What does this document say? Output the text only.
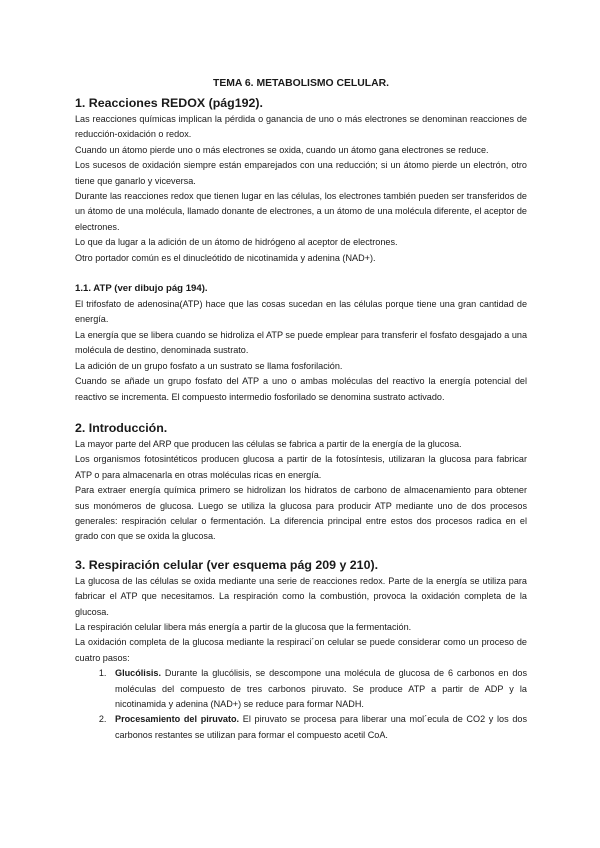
TEMA 6. METABOLISMO CELULAR.
1. Reacciones REDOX (pág192).

Las reacciones químicas implican la pérdida o ganancia de uno o más electrones se denominan reacciones de reducción-oxidación o redox.

Cuando un átomo pierde uno o más electrones se oxida, cuando un átomo gana electrones se reduce.

Los sucesos de oxidación siempre están emparejados con una reducción; si un átomo pierde un electrón, otro tiene que ganarlo y viceversa.

Durante las reacciones redox que tienen lugar en las células, los electrones también pueden ser transferidos de un átomo de una molécula, llamado donante de electrones, a un átomo de una molécula diferente, el aceptor de electrones.

Lo que da lugar a la adición de un átomo de hidrógeno al aceptor de electrones.

Otro portador común es el dinucleótido de nicotinamida y adenina (NAD+).

1.1. ATP (ver dibujo pág 194).

El trifosfato de adenosina(ATP) hace que las cosas sucedan en las células porque tiene una gran cantidad de energía.

La energía que se libera cuando se hidroliza el ATP se puede emplear para transferir el fosfato desgajado a una molécula de destino, denominada sustrato.

La adición de un grupo fosfato a un sustrato se llama fosforilación.

Cuando se añade un grupo fosfato del ATP a uno o ambas moléculas del reactivo la energía potencial del reactivo se incrementa. El compuesto intermedio fosforilado se denomina sustrato activado.

2. Introducción.

La mayor parte del ARP que producen las células se fabrica a partir de la energía de la glucosa.

Los organismos fotosintéticos producen glucosa a partir de la fotosíntesis, utilizaran la glucosa para fabricar ATP o para almacenarla en otras moléculas ricas en energía.

Para extraer energía química primero se hidrolizan los hidratos de carbono de almacenamiento para obtener sus monómeros de glucosa. Luego se utiliza la glucosa para producir ATP mediante uno de dos procesos generales: respiración celular o fermentación. La diferencia principal entre estos dos procesos radica en el grado con que se oxida la glucosa.

3. Respiración celular (ver esquema pág 209 y 210).

La glucosa de las células se oxida mediante una serie de reacciones redox. Parte de la energía se utiliza para fabricar el ATP que necesitamos. La respiración como la combustión, provoca la oxidación completa de la glucosa.

La respiración celular libera más energía a partir de la glucosa que la fermentación.

La oxidación completa de la glucosa mediante la respiraci´on celular se puede considerar como un proceso de cuatro pasos:

1. Glucólisis. Durante la glucólisis, se descompone una molécula de glucosa de 6 carbonos en dos moléculas del compuesto de tres carbonos piruvato. Se produce ATP a partir de ADP y la nicotinamida y adenina (NAD+) se reduce para formar NADH.
2. Procesamiento del piruvato. El piruvato se procesa para liberar una mol´ecula de CO2 y los dos carbonos restantes se utilizan para formar el compuesto acetil CoA.
